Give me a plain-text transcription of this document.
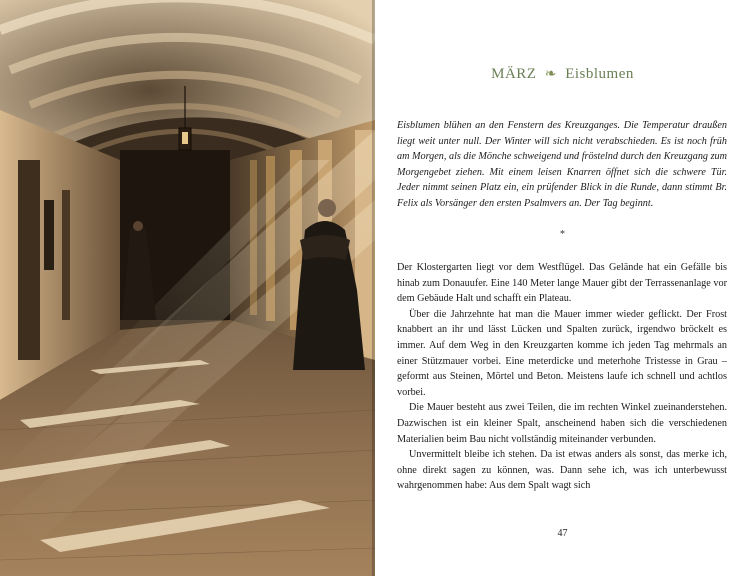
MÄRZ ❧ Eisblumen

Eisblumen blühen an den Fenstern des Kreuzganges. Die Temperatur draußen liegt weit unter null. Der Winter will sich nicht verabschieden. Es ist noch früh am Morgen, als die Mönche schweigend und fröstelnd durch den Kreuzgang zum Morgengebet ziehen. Mit einem leisen Knarren öffnet sich die schwere Tür. Jeder nimmt seinen Platz ein, ein prüfender Blick in die Runde, dann stimmt Br. Felix als Vorsänger den ersten Psalmvers an. Der Tag beginnt.

*

Der Klostergarten liegt vor dem Westflügel. Das Gelände hat ein Gefälle bis hinab zum Donauufer. Eine 140 Meter lange Mauer gibt der Terrassenanlage vor dem Gebäude Halt und schafft ein Plateau.

Über die Jahrzehnte hat man die Mauer immer wieder geflickt. Der Frost knabbert an ihr und lässt Lücken und Spalten zurück, irgendwo bröckelt es immer. Auf dem Weg in den Kreuzgarten komme ich jeden Tag mehrmals an einer Stützmauer vorbei. Eine meterdicke und meterhohe Tristesse in Grau – geformt aus Steinen, Mörtel und Beton. Meistens laufe ich schnell und achtlos vorbei.

Die Mauer besteht aus zwei Teilen, die im rechten Winkel zueinanderstehen. Dazwischen ist ein kleiner Spalt, anscheinend haben sich die verschiedenen Materialien beim Bau nicht vollständig miteinander verbunden.

Unvermittelt bleibe ich stehen. Da ist etwas anders als sonst, das merke ich, ohne direkt sagen zu können, was. Dann sehe ich, was ich unterbewusst wahrgenommen habe: Aus dem Spalt wagt sich

47
